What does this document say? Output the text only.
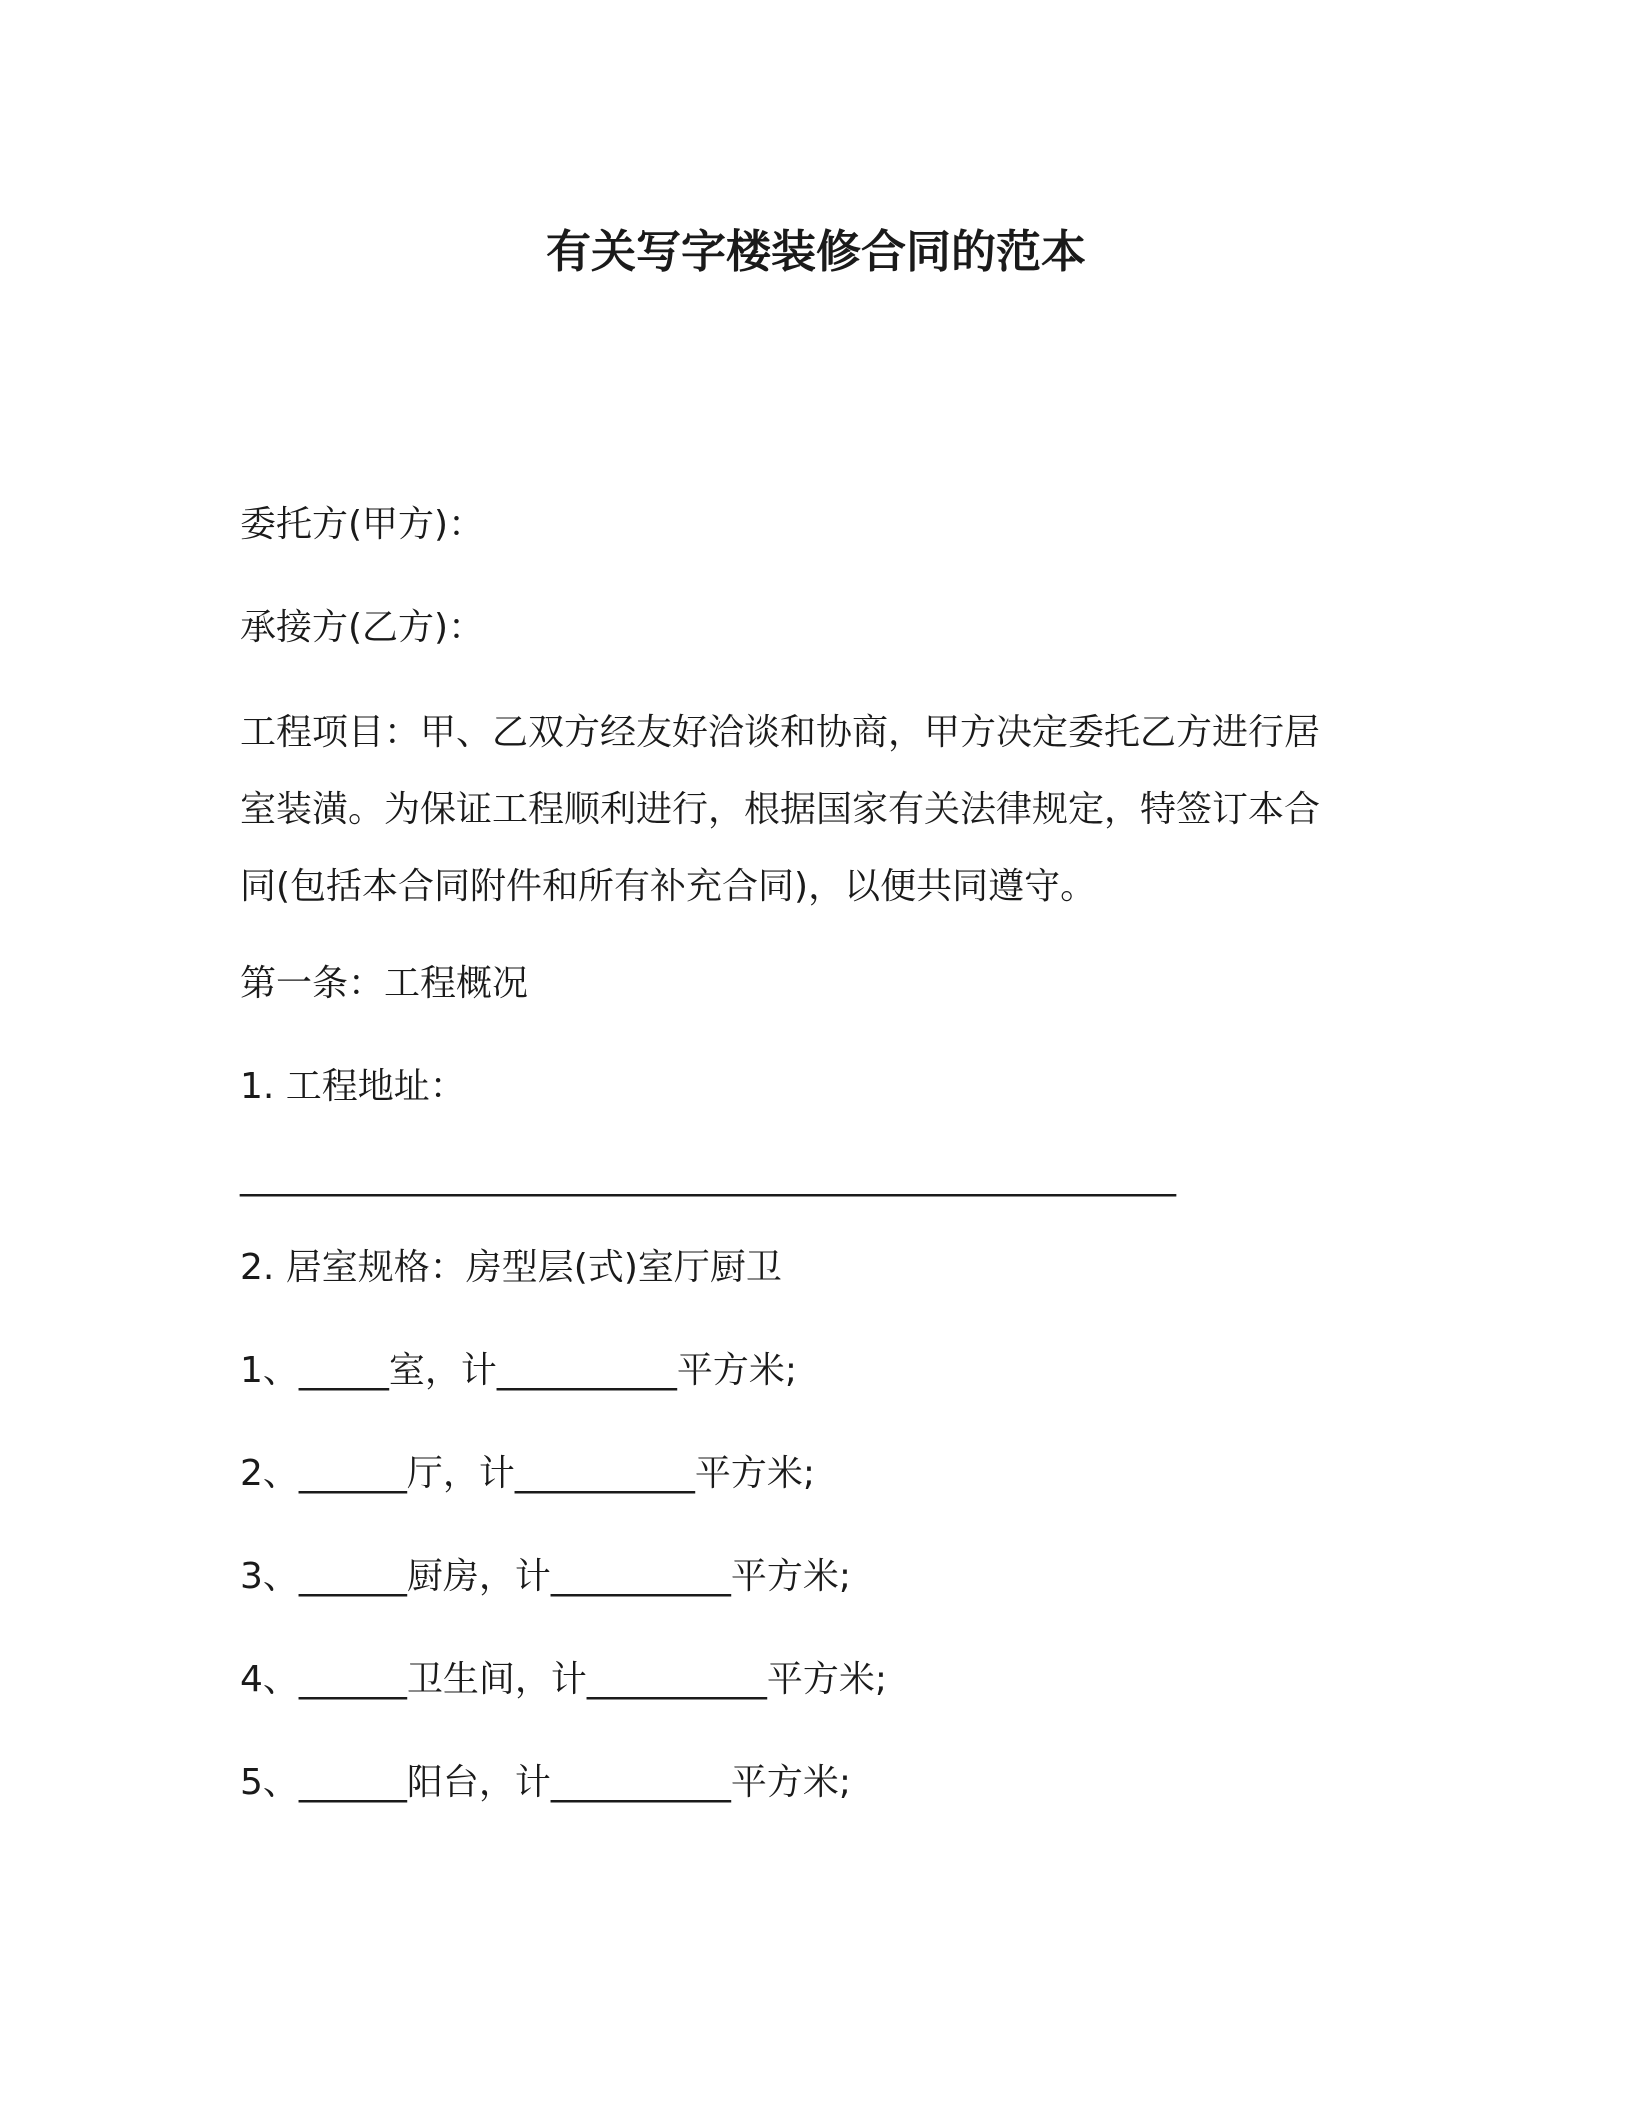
有关写字楼装修合同的范本
委托方(甲方)：
承接方(乙方)：
工程项目：甲、乙双方经友好洽谈和协商，甲方决定委托乙方进行居
室装潢。为保证工程顺利进行，根据国家有关法律规定，特签订本合
同(包括本合同附件和所有补充合同)，以便共同遵守。
第一条：工程概况
1. 工程地址：
____________________________________________________
2. 居室规格：房型层(式)室厅厨卫
1、_____室，计__________平方米;
2、______厅，计__________平方米;
3、______厨房，计__________平方米;
4、______卫生间，计__________平方米;
5、______阳台，计__________平方米;
